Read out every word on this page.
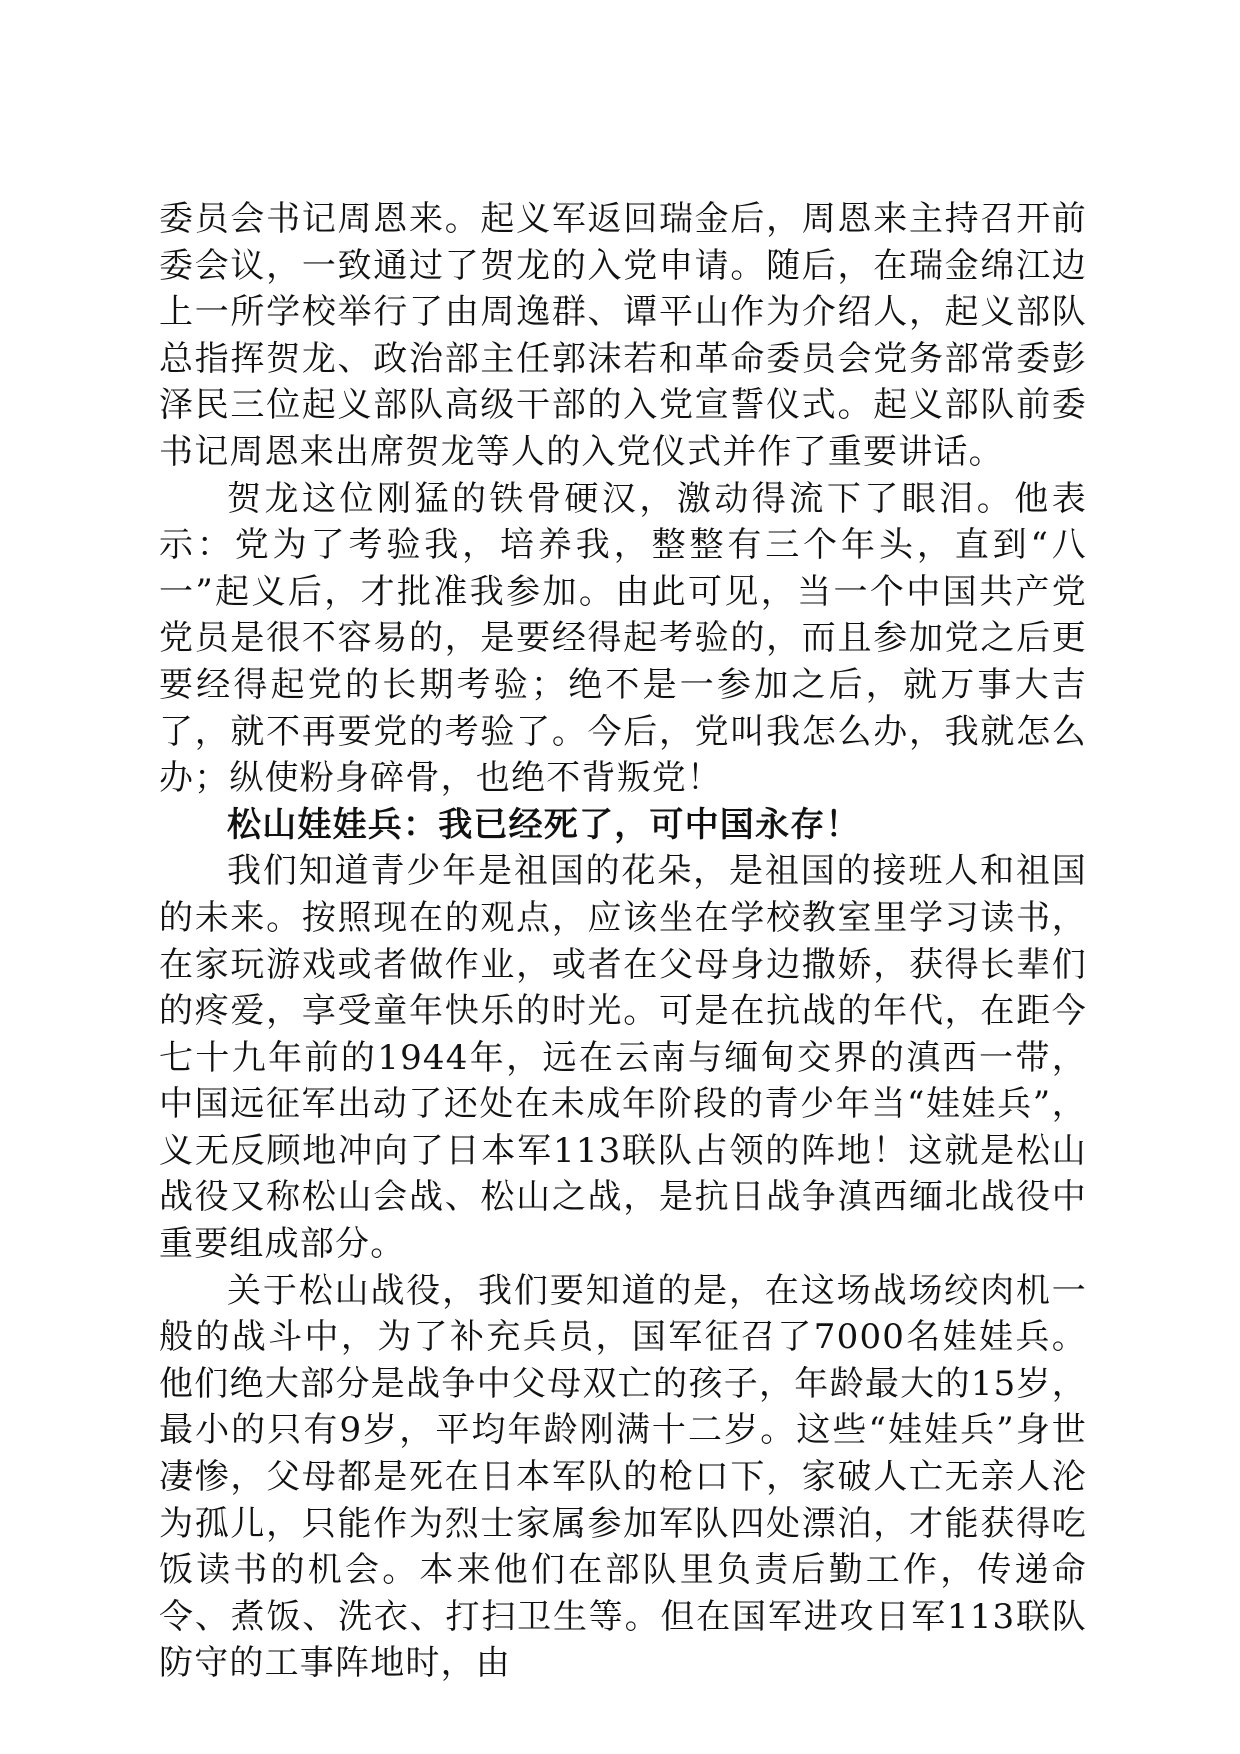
委员会书记周恩来。起义军返回瑞金后，周恩来主持召开前委会议，一致通过了贺龙的入党申请。随后，在瑞金绵江边上一所学校举行了由周逸群、谭平山作为介绍人，起义部队总指挥贺龙、政治部主任郭沫若和革命委员会党务部常委彭泽民三位起义部队高级干部的入党宣誓仪式。起义部队前委书记周恩来出席贺龙等人的入党仪式并作了重要讲话。

贺龙这位刚猛的铁骨硬汉，激动得流下了眼泪。他表示：党为了考验我，培养我，整整有三个年头，直到“八一”起义后，才批准我参加。由此可见，当一个中国共产党党员是很不容易的，是要经得起考验的，而且参加党之后更要经得起党的长期考验；绝不是一参加之后，就万事大吉了，就不再要党的考验了。今后，党叫我怎么办，我就怎么办；纵使粉身碎骨，也绝不背叛党！

松山娃娃兵：我已经死了，可中国永存！

我们知道青少年是祖国的花朵，是祖国的接班人和祖国的未来。按照现在的观点，应该坐在学校教室里学习读书，在家玩游戏或者做作业，或者在父母身边撒娇，获得长辈们的疼爱，享受童年快乐的时光。可是在抗战的年代，在距今七十九年前的1944年，远在云南与缅甸交界的滇西一带，中国远征军出动了还处在未成年阶段的青少年当“娃娃兵”，义无反顾地冲向了日本军113联队占领的阵地！这就是松山战役又称松山会战、松山之战，是抗日战争滇西缅北战役中重要组成部分。

关于松山战役，我们要知道的是，在这场战场绞肉机一般的战斗中，为了补充兵员，国军征召了7000名娃娃兵。他们绝大部分是战争中父母双亡的孩子，年龄最大的15岁，最小的只有9岁，平均年龄刚满十二岁。这些“娃娃兵”身世凄惨，父母都是死在日本军队的枪口下，家破人亡无亲人沦为孤儿，只能作为烈士家属参加军队四处漂泊，才能获得吃饭读书的机会。本来他们在部队里负责后勤工作，传递命令、煮饭、洗衣、打扫卫生等。但在国军进攻日军113联队防守的工事阵地时，由
